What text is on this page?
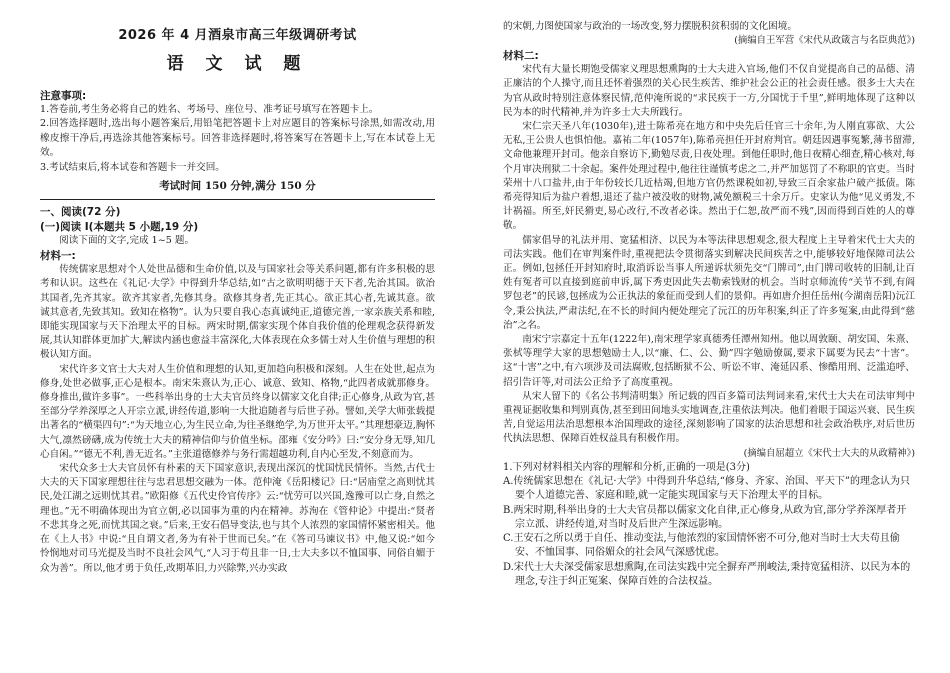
2026 年 4 月酒泉市高三年级调研考试
语 文 试 题
注意事项:

1.答卷前,考生务必将自己的姓名、考场号、座位号、准考证号填写在答题卡上。

2.回答选择题时,选出每小题答案后,用铅笔把答题卡上对应题目的答案标号涂黑,如需改动,用橡皮擦干净后,再选涂其他答案标号。回答非选择题时,将答案写在答题卡上,写在本试卷上无效。

3.考试结束后,将本试卷和答题卡一并交回。

考试时间 150 分钟,满分 150 分
一、阅读(72 分)
(一)阅读 Ⅰ(本题共 5 小题,19 分)

阅读下面的文字,完成 1~5 题。

材料一:

传统儒家思想对个人处世品德和生命价值,以及与国家社会等关系问题,都有许多积极的思考和认识。这些在《礼记·大学》中得到升华总结,如“古之欲明明德于天下者,先治其国。欲治其国者,先齐其家。欲齐其家者,先修其身。欲修其身者,先正其心。欲正其心者,先诚其意。欲诚其意者,先致其知。致知在格物”。认为只要自我心态真诚纯正,道德完善,一家亲族关系和睦,即能实现国家与天下治理太平的目标。两宋时期,儒家实现个体自我价值的伦理观念获得新发展,其认知群体更加扩大,解读内涵也愈益丰富深化,大体表现在众多儒士对人生价值与理想的积极认知方面。

宋代许多文官士大夫对人生价值和理想的认知,更加趋向积极和深刻。人生在处世,起点为修身,处世必做事,正心是根本。南宋朱熹认为,正心、诚意、致知、格物,“此四者成就那修身。修身推出,做许多事”。一些科举出身的士大夫官员终身以儒家文化自律;正心修身,从政为官,甚至部分学养深厚之人开宗立派,讲经传道,影响一大批追随者与后世子孙。譬如,关学大师张载提出著名的“横渠四句”:“为天地立心,为生民立命,为往圣继绝学,为万世开太平。”其理想豪迈,胸怀大气,凛然磅礴,成为传统士大夫的精神信仰与价值坐标。邵雍《安分吟》曰:“安分身无辱,知几心自闲。”“德无不利,善无近名。”主张道德修养与务行需超越功利,自内心至发,不刻意而为。

宋代众多士大夫官员怀有朴素的天下国家意识,表现出深沉的忧国忧民情怀。当然,古代士大夫的天下国家理想往往与忠君思想交融为一体。范仲淹《岳阳楼记》曰:“居庙堂之高则忧其民,处江湖之远则忧其君。”欧阳修《五代史伶官传序》云:“忧劳可以兴国,逸豫可以亡身,自然之理也。”无不明确体现出为官立朝,必以国事为重的内在精神。苏洵在《管仲论》中提出:“贤者不悲其身之死,而忧其国之衰。”后来,王安石倡导变法,也与其个人浓烈的家国情怀紧密相关。他在《上人书》中说:“且自谓文者,务为有补于世而已矣。”在《答司马谏议书》中,他又说:“如今怜悯地对司马光提及当时不良社会风气,“人习于苟且非一日,士大夫多以不恤国事、同俗自媚于众为善”。所以,他才勇于负任,改期革旧,力兴除弊,兴办实政

的宋朝,力图使国家与政治的一场改变,努力摆脱积贫积弱的文化困境。

(摘编自王军营《宋代从政箴言与名臣典范》)
材料二:

宋代有大量长期饱受儒家义理思想熏陶的士大夫进入官场,他们不仅自觉提高自己的品德、清正廉洁的个人操守,而且还怀着强烈的关心民生疾苦、维护社会公正的社会责任感。很多士大夫在为官从政时特别注意体察民情,范仲淹所说的“求民疾于一方,分国忧于千里”,鲜明地体现了这种以民为本的时代精神,并为许多士大夫所践行。

宋仁宗天圣八年(1030年),进士陈希亮在地方和中央先后任官三十余年,为人刚直寡欲、大公无私,王公贵人也惧怕他。嘉祐二年(1057年),陈希亮担任开封府判官。朝廷因遇事冤繁,薄书留滞,文命他兼理开封司。他亲自察访下,勤勉尽责,日夜处理。到他任职时,他日夜精心细查,精心核对,每个月审决刑狱二十余起。案件处理过程中,他往往谨慎考虑之二,并严加惩罚了不称职的官吏。当时荣州十八口盐井,由于年份较长几近枯竭,但地方官仍然课税如初,导致三百余家盐户破产抵债。陈希亮得知后为盐户着想,退还了盐户被没收的财物,减免额税三十余万斤。史家认为他“见义勇发,不计祸福。所至,奸民猾吏,易心改行,不改者必诛。然出于仁恕,故严而不残”,因而得到百姓的人的尊敬。

儒家倡导的礼法并用、宽猛相济、以民为本等法律思想观念,很大程度上主导着宋代士大夫的司法实践。他们在审判案件时,重视把法令贯彻落实到解决民间疾苦之中,能够较好地保障司法公正。例如,包拯任开封知府时,取消诉讼当事人所递诉状须先交“门牌司”,由门牌司收转的旧制,让百姓有冤者可以直接到庭前申诉,属下秀吏因此失去勒索钱财的机会。当时京师流传“关节不到,有阎罗包老”的民谚,包拯成为公正执法的象征而受到人们的景仰。再如唐介担任岳州(今湖南岳阳)沅江令,秉公执法,严肃法纪,在不长的时间内便处理完了沅江的历年积案,纠正了许多冤案,由此得到“慈治”之名。

南宋宁宗嘉定十五年(1222年),南宋理学家真德秀任潭州知州。他以周敦颐、胡安国、朱熹、张栻等理学大家的思想勉励士人,以“廉、仁、公、勤”四字勉励僚属,要求下属要为民去“十害”。这“十害”之中,有六项涉及司法腐败,包括断狱不公、听讼不审、淹延囚系、惨酷用刑、泛滥追呼、招引告讦等,对司法公正给予了高度重视。

从宋人留下的《名公书判清明集》所记载的四百多篇司法判词来看,宋代士大夫在司法审判中重视证据收集和判别真伪,甚至到田间地头实地调查,注重依法判决。他们着眼于国运兴衰、民生疾苦,自觉运用法治思想根本治国理政的途径,深刻影响了国家的法治思想和社会政治秩序,对后世历代执法思想、保障百姓权益具有积极作用。

(摘编自屈超立《宋代士大夫的从政精神》)
1.下列对材料相关内容的理解和分析,正确的一项是(3分)

A.传统儒家思想在《礼记·大学》中得到升华总结,“修身、齐家、治国、平天下”的理念认为只要个人道德完善、家庭和睦,就一定能实现国家与天下治理太平的目标。

B.两宋时期,科举出身的士大夫官员都以儒家文化自律,正心修身,从政为官,部分学养深厚者开宗立派、讲经传道,对当时及后世产生深远影响。

C.王安石之所以勇于自任、推动变法,与他浓烈的家国情怀密不可分,他对当时士大夫苟且偷安、不恤国事、同俗媚众的社会风气深感忧虑。

D.宋代士大夫深受儒家思想熏陶,在司法实践中完全摒弃严刑峻法,秉持宽猛相济、以民为本的理念,专注于纠正冤案、保障百姓的合法权益。
